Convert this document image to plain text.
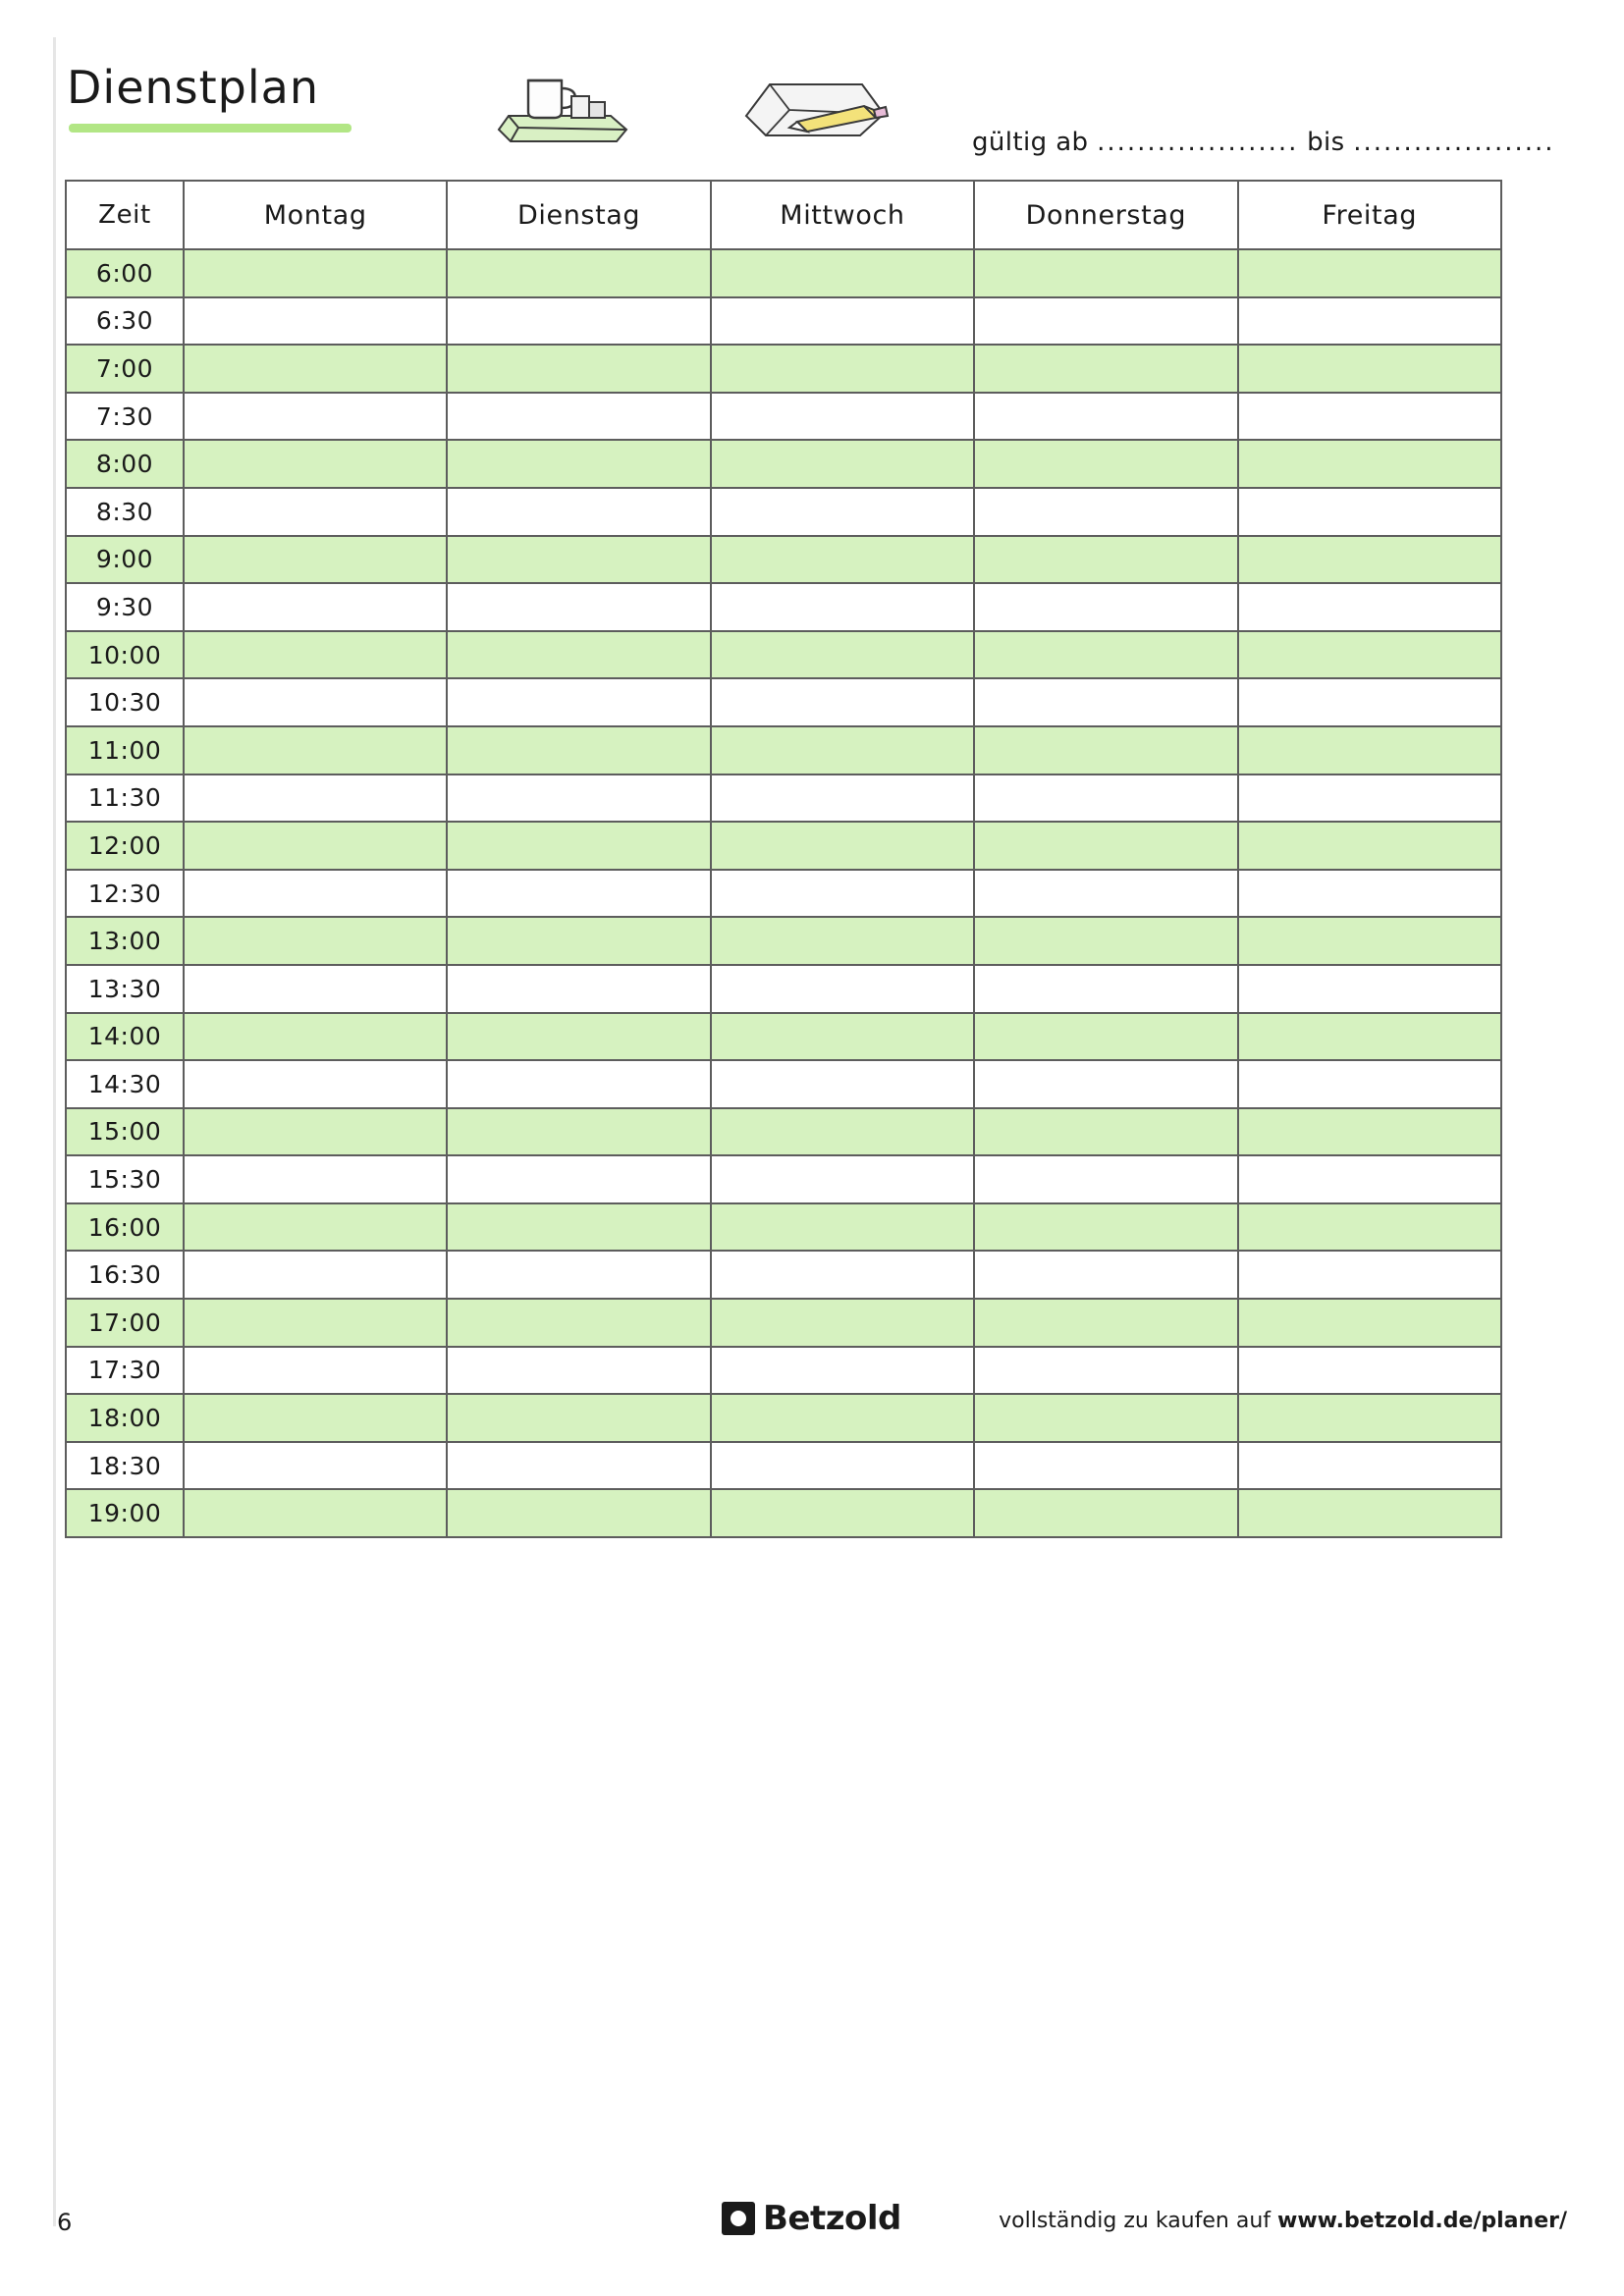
Dienstplan
gültig ab .................... bis ....................
Zeit	Montag	Dienstag	Mittwoch	Donnerstag	Freitag
6:00					
6:30					
7:00					
7:30					
8:00					
8:30					
9:00					
9:30					
10:00					
10:30					
11:00					
11:30					
12:00					
12:30					
13:00					
13:30					
14:00					
14:30					
15:00					
15:30					
16:00					
16:30					
17:00					
17:30					
18:00					
18:30					
19:00					
6	Betzold	vollständig zu kaufen auf www.betzold.de/planer/
